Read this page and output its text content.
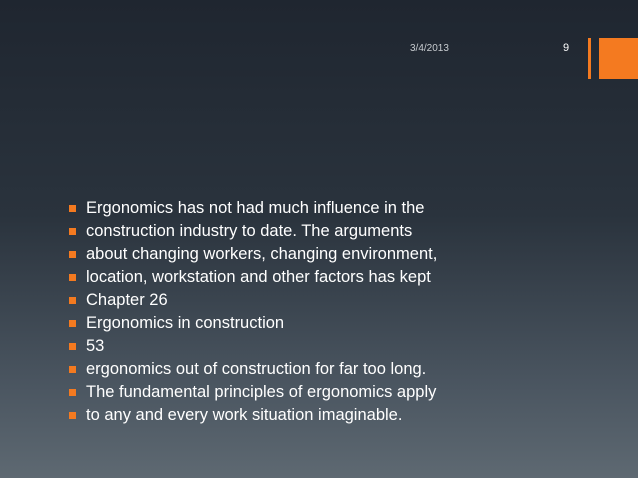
3/4/2013	9
Ergonomics has not had much influence in the
construction industry to date. The arguments
about changing workers, changing environment,
location, workstation and other factors has kept
Chapter 26
Ergonomics in construction
53
ergonomics out of construction for far too long.
The fundamental principles of ergonomics apply
to any and every work situation imaginable.
